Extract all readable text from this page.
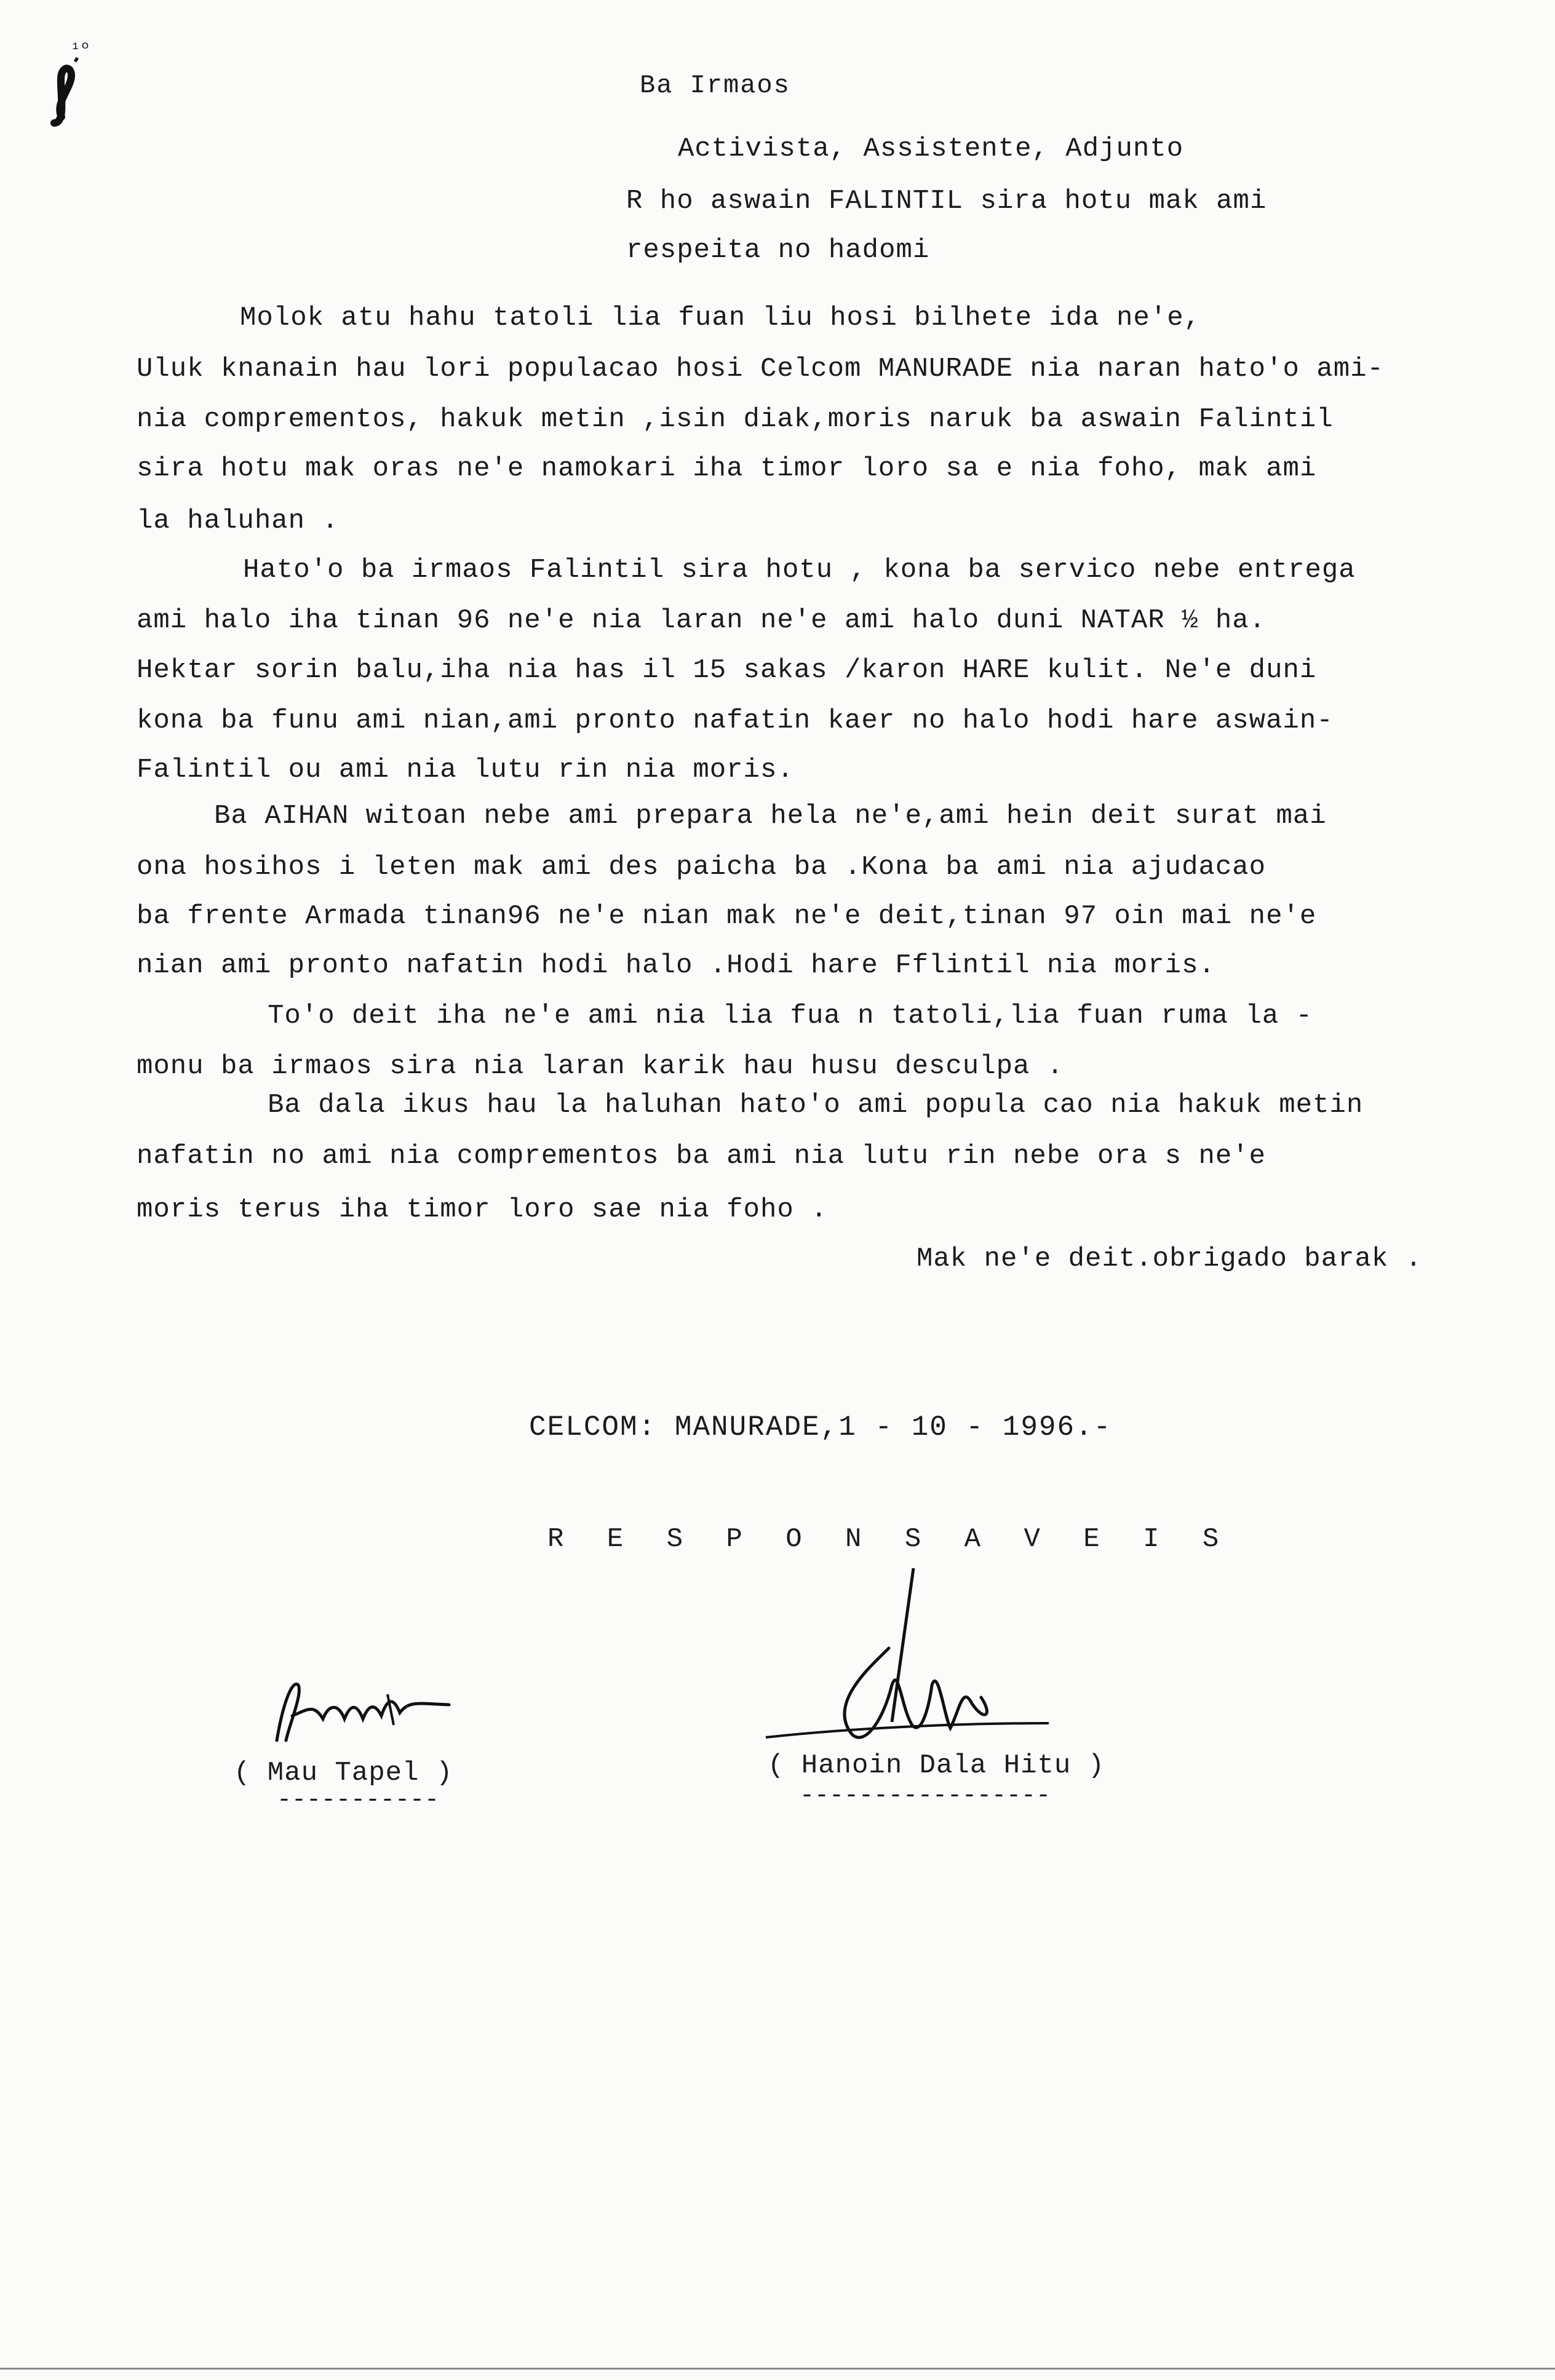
¹º
Ba Irmaos
Activista, Assistente, Adjunto
R ho aswain FALINTIL sira hotu mak ami
respeita no hadomi
Molok atu hahu tatoli lia fuan liu hosi bilhete ida ne'e,
Uluk knanain hau lori populacao hosi Celcom MANURADE nia naran hato'o ami-
nia comprementos, hakuk metin ,isin diak,moris naruk ba aswain Falintil
sira hotu mak oras ne'e namokari iha timor loro sa e nia foho, mak ami
la haluhan .
Hato'o ba irmaos Falintil sira hotu , kona ba servico nebe entrega
ami halo iha tinan 96 ne'e nia laran ne'e ami halo duni NATAR ½ ha.
Hektar sorin balu,iha nia has il 15 sakas /karon HARE kulit. Ne'e duni
kona ba funu ami nian,ami pronto nafatin kaer no halo hodi hare aswain-
Falintil ou ami nia lutu rin nia moris.
Ba AIHAN witoan nebe ami prepara hela ne'e,ami hein deit surat mai
ona hosihos i leten mak ami des paicha ba .Kona ba ami nia ajudacao
ba frente Armada tinan96 ne'e nian mak ne'e deit,tinan 97 oin mai ne'e
nian ami pronto nafatin hodi halo .Hodi hare Fflintil nia moris.
To'o deit iha ne'e ami nia lia fua n tatoli,lia fuan ruma la -
monu ba irmaos sira nia laran karik hau husu desculpa .
Ba dala ikus hau la haluhan hato'o ami popula cao nia hakuk metin
nafatin no ami nia comprementos ba ami nia lutu rin nebe ora s ne'e
moris terus iha timor loro sae nia foho .
Mak ne'e deit.obrigado barak .
CELCOM: MANURADE,1 - 10 - 1996.-
R E S P O N S A V E I S
( Mau Tapel )
-----------
( Hanoin Dala Hitu )
-----------------
